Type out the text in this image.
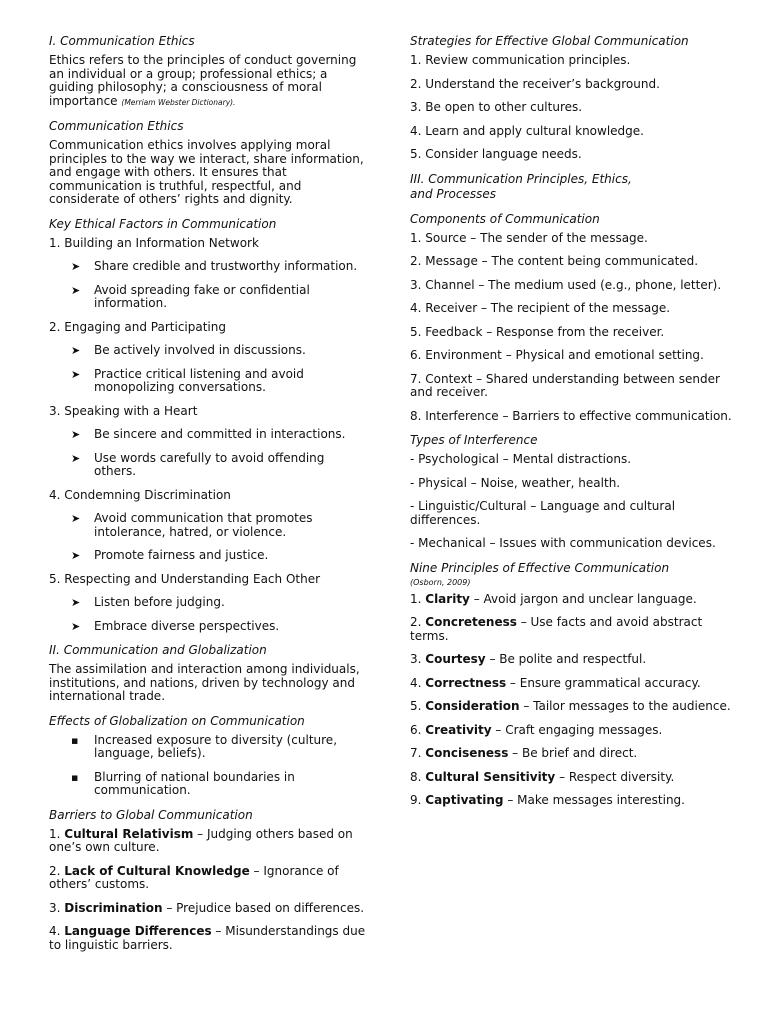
I. Communication Ethics
Ethics refers to the principles of conduct governing an individual or a group; professional ethics; a guiding philosophy; a consciousness of moral importance (Merriam Webster Dictionary).
Communication Ethics
Communication ethics involves applying moral principles to the way we interact, share information, and engage with others. It ensures that communication is truthful, respectful, and considerate of others’ rights and dignity.
Key Ethical Factors in Communication
1. Building an Information Network
➤ Share credible and trustworthy information.
➤ Avoid spreading fake or confidential information.
2. Engaging and Participating
➤ Be actively involved in discussions.
➤ Practice critical listening and avoid monopolizing conversations.
3. Speaking with a Heart
➤ Be sincere and committed in interactions.
➤ Use words carefully to avoid offending others.
4. Condemning Discrimination
➤ Avoid communication that promotes intolerance, hatred, or violence.
➤ Promote fairness and justice.
5. Respecting and Understanding Each Other
➤ Listen before judging.
➤ Embrace diverse perspectives.
II. Communication and Globalization
The assimilation and interaction among individuals, institutions, and nations, driven by technology and international trade.
Effects of Globalization on Communication
▪ Increased exposure to diversity (culture, language, beliefs).
▪ Blurring of national boundaries in communication.
Barriers to Global Communication
1. Cultural Relativism – Judging others based on one’s own culture.
2. Lack of Cultural Knowledge – Ignorance of others’ customs.
3. Discrimination – Prejudice based on differences.
4. Language Differences – Misunderstandings due to linguistic barriers.
Strategies for Effective Global Communication
1. Review communication principles.
2. Understand the receiver’s background.
3. Be open to other cultures.
4. Learn and apply cultural knowledge.
5. Consider language needs.
III. Communication Principles, Ethics,
and Processes
Components of Communication
1. Source – The sender of the message.
2. Message – The content being communicated.
3. Channel – The medium used (e.g., phone, letter).
4. Receiver – The recipient of the message.
5. Feedback – Response from the receiver.
6. Environment – Physical and emotional setting.
7. Context – Shared understanding between sender and receiver.
8. Interference – Barriers to effective communication.
Types of Interference
- Psychological – Mental distractions.
- Physical – Noise, weather, health.
- Linguistic/Cultural – Language and cultural differences.
- Mechanical – Issues with communication devices.
Nine Principles of Effective Communication
(Osborn, 2009)
1. Clarity – Avoid jargon and unclear language.
2. Concreteness – Use facts and avoid abstract terms.
3. Courtesy – Be polite and respectful.
4. Correctness – Ensure grammatical accuracy.
5. Consideration – Tailor messages to the audience.
6. Creativity – Craft engaging messages.
7. Conciseness – Be brief and direct.
8. Cultural Sensitivity – Respect diversity.
9. Captivating – Make messages interesting.
